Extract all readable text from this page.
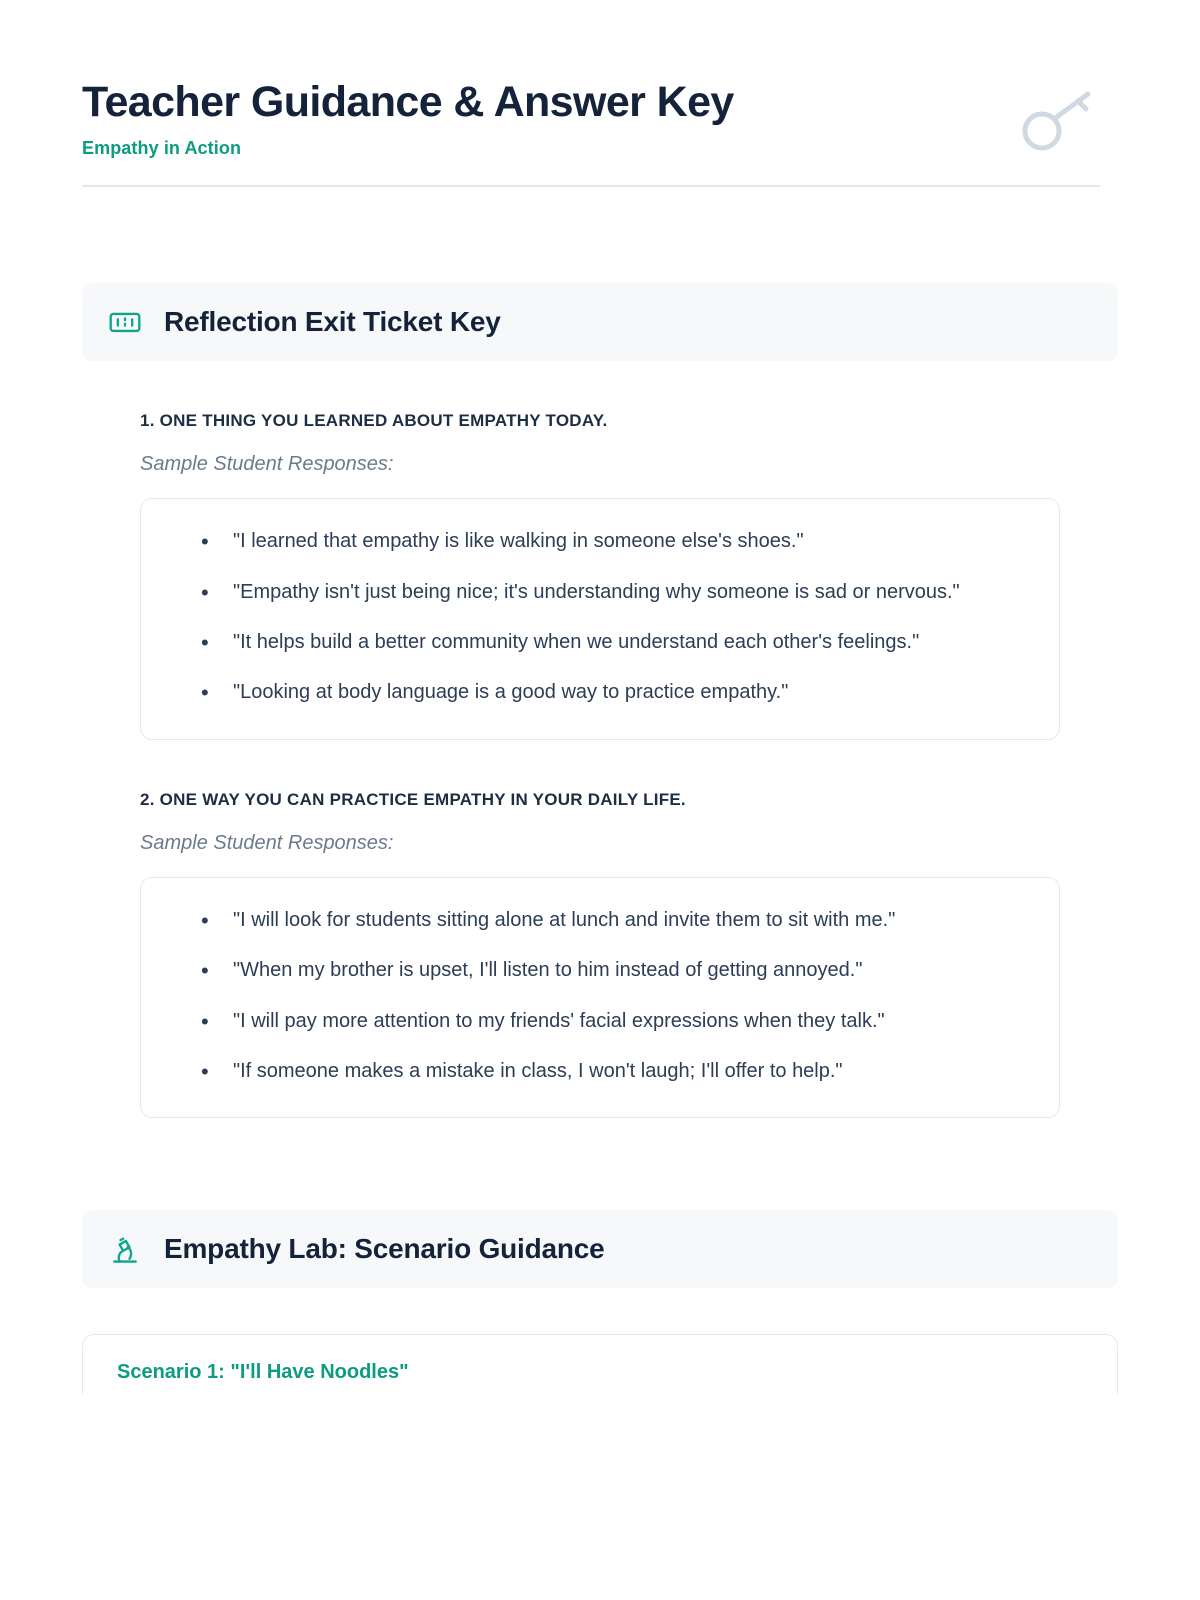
Teacher Guidance & Answer Key
Empathy in Action
Reflection Exit Ticket Key
1. ONE THING YOU LEARNED ABOUT EMPATHY TODAY.
Sample Student Responses:
• "I learned that empathy is like walking in someone else's shoes."
• "Empathy isn't just being nice; it's understanding why someone is sad or nervous."
• "It helps build a better community when we understand each other's feelings."
• "Looking at body language is a good way to practice empathy."
2. ONE WAY YOU CAN PRACTICE EMPATHY IN YOUR DAILY LIFE.
Sample Student Responses:
• "I will look for students sitting alone at lunch and invite them to sit with me."
• "When my brother is upset, I'll listen to him instead of getting annoyed."
• "I will pay more attention to my friends' facial expressions when they talk."
• "If someone makes a mistake in class, I won't laugh; I'll offer to help."
Empathy Lab: Scenario Guidance
Scenario 1: "I'll Have Noodles"
